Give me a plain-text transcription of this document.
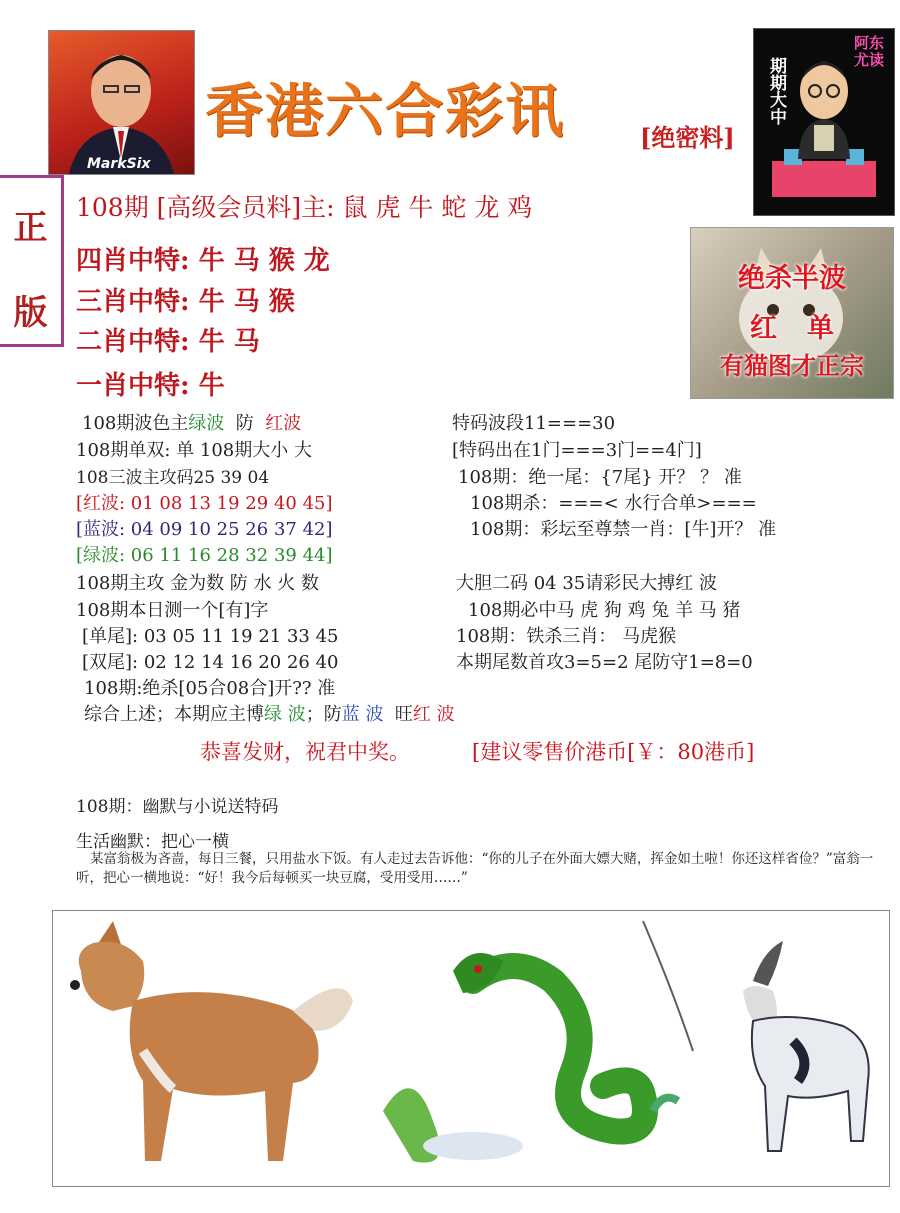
MarkSix
香港六合彩讯	[绝密料]
期期大中
阿东尤读
正
版
108期 [高级会员料]主: 鼠 虎 牛 蛇 龙 鸡
四肖中特: 牛 马 猴 龙
三肖中特: 牛 马 猴
二肖中特: 牛 马
一肖中特: 牛
绝杀半波
红单
有猫图才正宗
108期波色主绿波  防  红波
108期单双: 单 108期大小 大
108三波主攻码25 39 04
[红波: 01 08 13 19 29 40 45]
[蓝波: 04 09 10 25 26 37 42]
[绿波: 06 11 16 28 32 39 44]
108期主攻 金为数 防 水 火 数
108期本日测一个[有]字
[单尾]: 03 05 11 19 21 33 45
[双尾]: 02 12 14 16 20 26 40
108期:绝杀[05合08合]开?? 准
综合上述；本期应主博绿 波；防蓝 波  旺红 波
特码波段11===30
[特码出在1门===3门==4门]
108期：绝一尾：{7尾} 开？ ？ 准
108期杀：===< 水行合单>===
108期：彩坛至尊禁一肖：[牛]开？ 准
大胆二码 04 35请彩民大搏红 波
108期必中马 虎 狗 鸡 兔 羊 马 猪
108期：铁杀三肖： 马虎猴
本期尾数首攻3=5=2 尾防守1=8=0
恭喜发财，祝君中奖。	[建议零售价港币[￥：80港币]
108期：幽默与小说送特码
生活幽默：把心一横
某富翁极为吝啬，每日三餐，只用盐水下饭。有人走过去告诉他：“你的儿子在外面大嫖大赌，挥金如土啦！你还这样省俭？”富翁一听，把心一横地说：“好！我今后每顿买一块豆腐，受用受用……”
